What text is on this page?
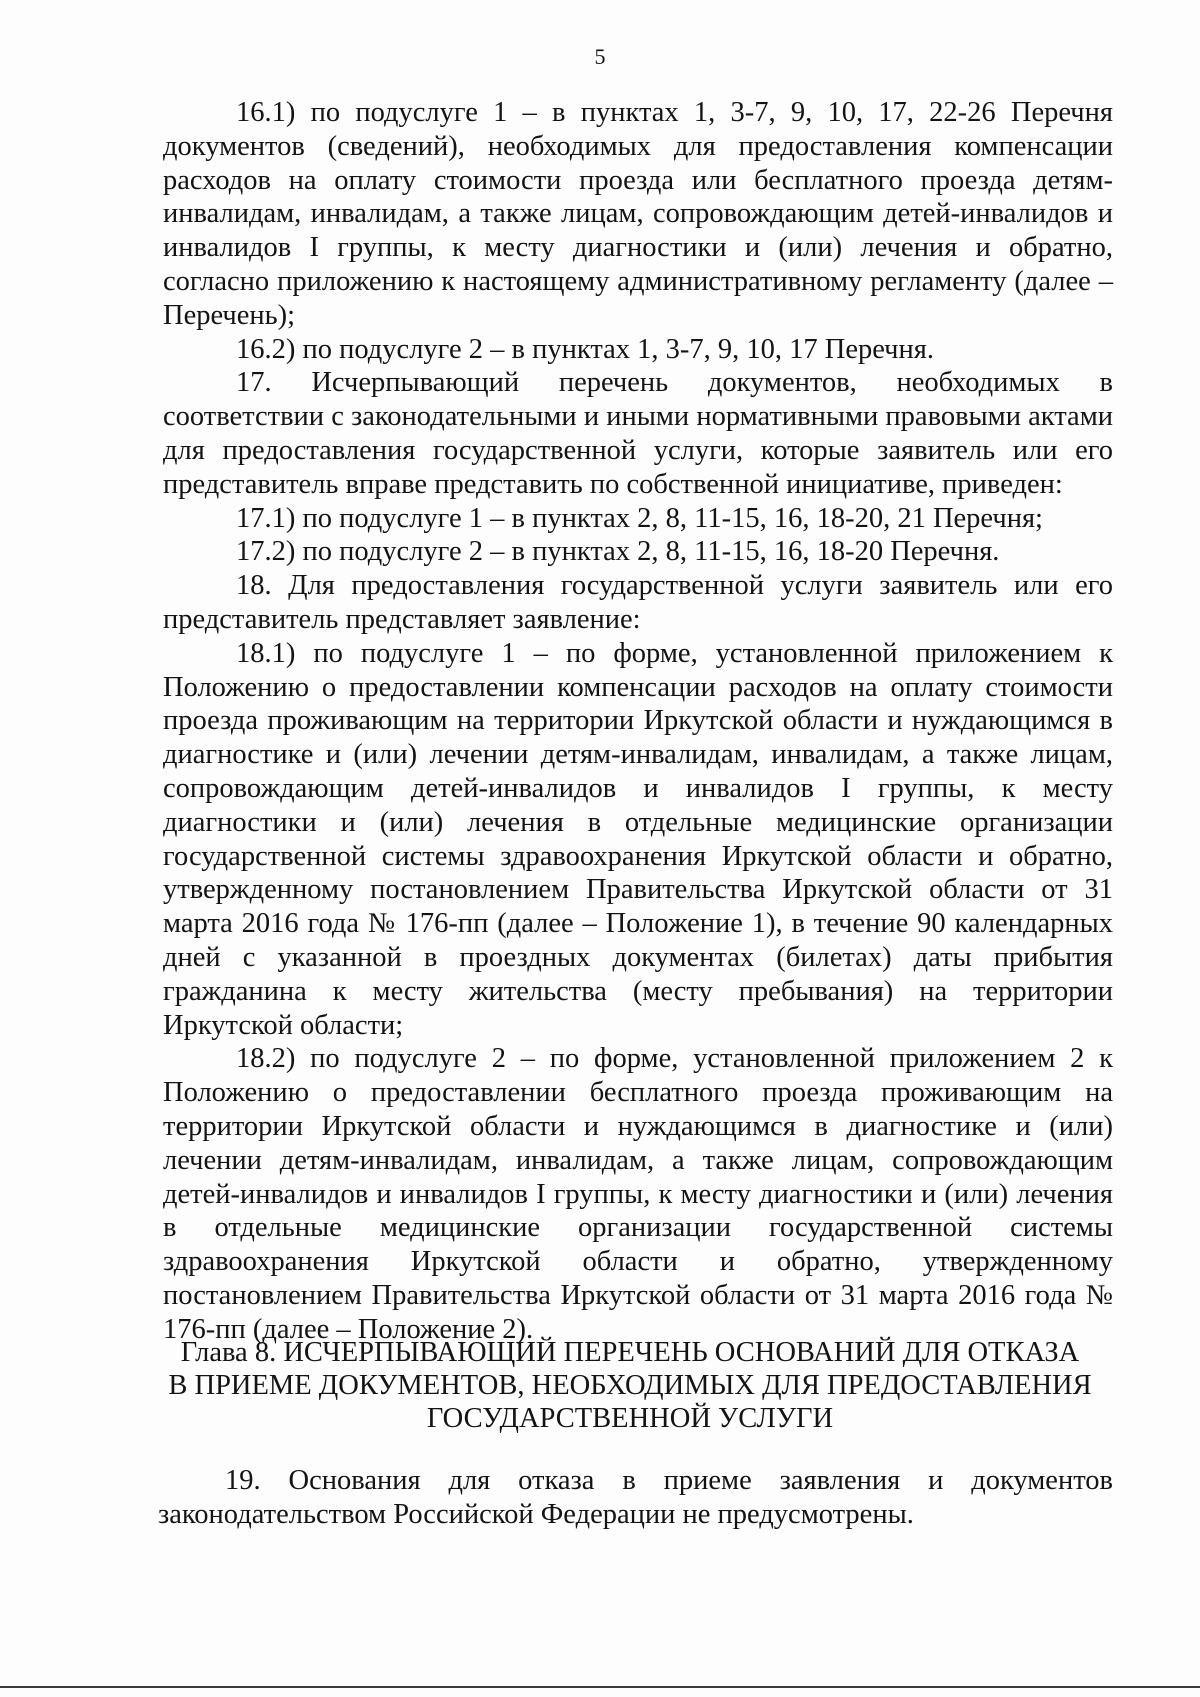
5

16.1) по подуслуге 1 – в пунктах 1, 3-7, 9, 10, 17, 22-26 Перечня документов (сведений), необходимых для предоставления компенсации расходов на оплату стоимости проезда или бесплатного проезда детям-инвалидам, инвалидам, а также лицам, сопровождающим детей-инвалидов и инвалидов I группы, к месту диагностики и (или) лечения и обратно, согласно приложению к настоящему административному регламенту (далее – Перечень);

16.2) по подуслуге 2 – в пунктах 1, 3-7, 9, 10, 17 Перечня.

17. Исчерпывающий перечень документов, необходимых в соответствии с законодательными и иными нормативными правовыми актами для предоставления государственной услуги, которые заявитель или его представитель вправе представить по собственной инициативе, приведен:

17.1) по подуслуге 1 – в пунктах 2, 8, 11-15, 16, 18-20, 21 Перечня;

17.2) по подуслуге 2 – в пунктах 2, 8, 11-15, 16, 18-20 Перечня.

18. Для предоставления государственной услуги заявитель или его представитель представляет заявление:

18.1) по подуслуге 1 – по форме, установленной приложением к Положению о предоставлении компенсации расходов на оплату стоимости проезда проживающим на территории Иркутской области и нуждающимся в диагностике и (или) лечении детям-инвалидам, инвалидам, а также лицам, сопровождающим детей-инвалидов и инвалидов I группы, к месту диагностики и (или) лечения в отдельные медицинские организации государственной системы здравоохранения Иркутской области и обратно, утвержденному постановлением Правительства Иркутской области от 31 марта 2016 года № 176-пп (далее – Положение 1), в течение 90 календарных дней с указанной в проездных документах (билетах) даты прибытия гражданина к месту жительства (месту пребывания) на территории Иркутской области;

18.2) по подуслуге 2 – по форме, установленной приложением 2 к Положению о предоставлении бесплатного проезда проживающим на территории Иркутской области и нуждающимся в диагностике и (или) лечении детям-инвалидам, инвалидам, а также лицам, сопровождающим детей-инвалидов и инвалидов I группы, к месту диагностики и (или) лечения в отдельные медицинские организации государственной системы здравоохранения Иркутской области и обратно, утвержденному постановлением Правительства Иркутской области от 31 марта 2016 года № 176-пп (далее – Положение 2).

Глава 8. ИСЧЕРПЫВАЮЩИЙ ПЕРЕЧЕНЬ ОСНОВАНИЙ ДЛЯ ОТКАЗА
В ПРИЕМЕ ДОКУМЕНТОВ, НЕОБХОДИМЫХ ДЛЯ ПРЕДОСТАВЛЕНИЯ
ГОСУДАРСТВЕННОЙ УСЛУГИ

19. Основания для отказа в приеме заявления и документов законодательством Российской Федерации не предусмотрены.
